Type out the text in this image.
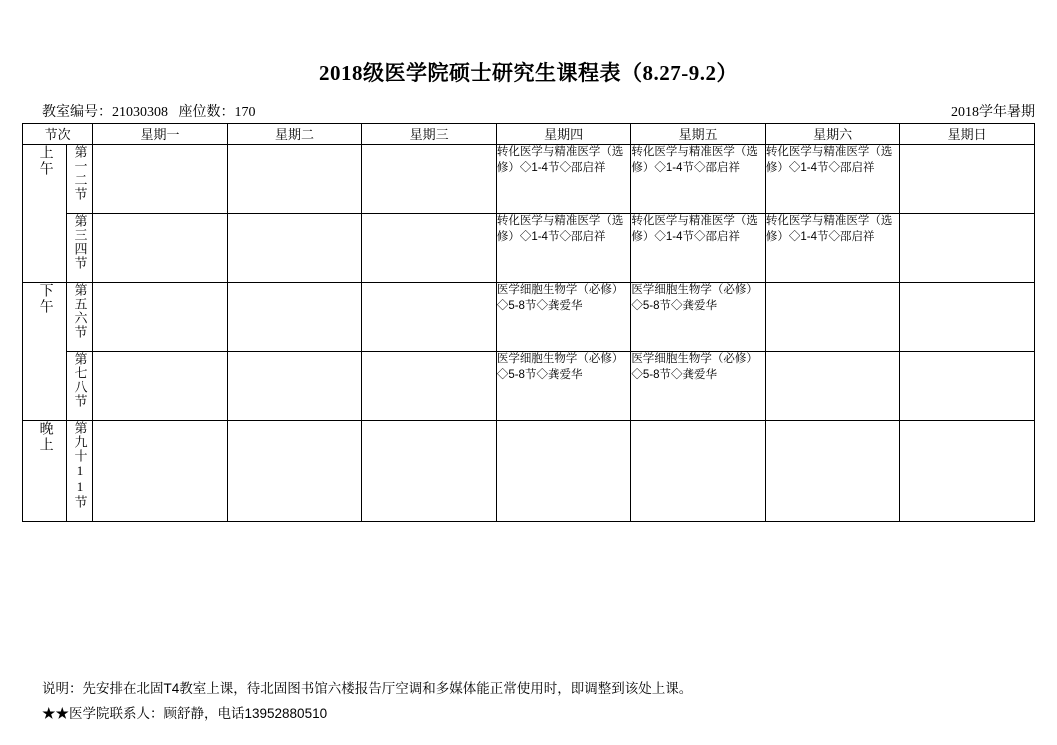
2018级医学院硕士研究生课程表（8.27-9.2）
教室编号：21030308   座位数：170	2018学年暑期
节次		星期一	星期二	星期三	星期四	星期五	星期六	星期日
上午	第一二节				转化医学与精准医学（选修）◇1-4节◇邵启祥	转化医学与精准医学（选修）◇1-4节◇邵启祥	转化医学与精准医学（选修）◇1-4节◇邵启祥	
	第三四节				转化医学与精准医学（选修）◇1-4节◇邵启祥	转化医学与精准医学（选修）◇1-4节◇邵启祥	转化医学与精准医学（选修）◇1-4节◇邵启祥	
下午	第五六节				医学细胞生物学（必修）◇5-8节◇龚爱华	医学细胞生物学（必修）◇5-8节◇龚爱华		
	第七八节				医学细胞生物学（必修）◇5-8节◇龚爱华	医学细胞生物学（必修）◇5-8节◇龚爱华		
晚上	第九十11节							
说明：先安排在北固T4教室上课，待北固图书馆六楼报告厅空调和多媒体能正常使用时，即调整到该处上课。
★★医学院联系人：顾舒静，电话13952880510
